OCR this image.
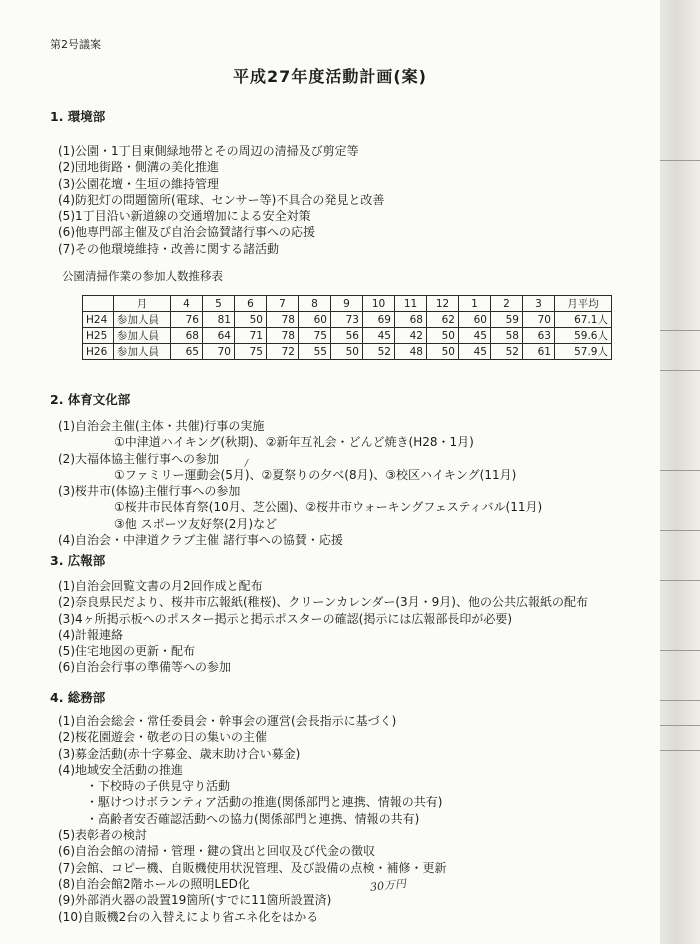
第2号議案
平成27年度活動計画(案)
1. 環境部
(1)公園・1丁目東側緑地帯とその周辺の清掃及び剪定等
(2)団地街路・側溝の美化推進
(3)公園花壇・生垣の維持管理
(4)防犯灯の問題箇所(電球、センサー等)不具合の発見と改善
(5)1丁目沿い新道線の交通増加による安全対策
(6)他専門部主催及び自治会協賛諸行事への応援
(7)その他環境維持・改善に関する諸活動
公園清掃作業の参加人数推移表
	月	4	5	6	7	8	9	10	11	12	1	2	3	月平均
H24	参加人員	76	81	50	78	60	73	69	68	62	60	59	70	67.1人
H25	参加人員	68	64	71	78	75	56	45	42	50	45	58	63	59.6人
H26	参加人員	65	70	75	72	55	50	52	48	50	45	52	61	57.9人
2. 体育文化部
(1)自治会主催(主体・共催)行事の実施
①中津道ハイキング(秋期)、②新年互礼会・どんど焼き(H28・1月)
(2)大福体協主催行事への参加
①ファミリー運動会(5月)、②夏祭りの夕べ(8月)、③校区ハイキング(11月)
(3)桜井市(体協)主催行事への参加
①桜井市民体育祭(10月、芝公園)、②桜井市ウォーキングフェスティバル(11月)
③他 スポーツ友好祭(2月)など
(4)自治会・中津道クラブ主催 諸行事への協賛・応援
/
3. 広報部
(1)自治会回覧文書の月2回作成と配布
(2)奈良県民だより、桜井市広報紙(稚桜)、クリーンカレンダー(3月・9月)、他の公共広報紙の配布
(3)4ヶ所掲示板へのポスター掲示と掲示ポスターの確認(掲示には広報部長印が必要)
(4)計報連絡
(5)住宅地図の更新・配布
(6)自治会行事の準備等への参加
4. 総務部
(1)自治会総会・常任委員会・幹事会の運営(会長指示に基づく)
(2)桜花園遊会・敬老の日の集いの主催
(3)募金活動(赤十字募金、歳末助け合い募金)
(4)地域安全活動の推進
・下校時の子供見守り活動
・駆けつけボランティア活動の推進(関係部門と連携、情報の共有)
・高齢者安否確認活動への協力(関係部門と連携、情報の共有)
(5)表彰者の検討
(6)自治会館の清掃・管理・鍵の貸出と回収及び代金の徴収
(7)会館、コピー機、自販機使用状況管理、及び設備の点検・補修・更新
(8)自治会館2階ホールの照明LED化
(9)外部消火器の設置19箇所(すでに11箇所設置済)
(10)自販機2台の入替えにより省エネ化をはかる
30万円
